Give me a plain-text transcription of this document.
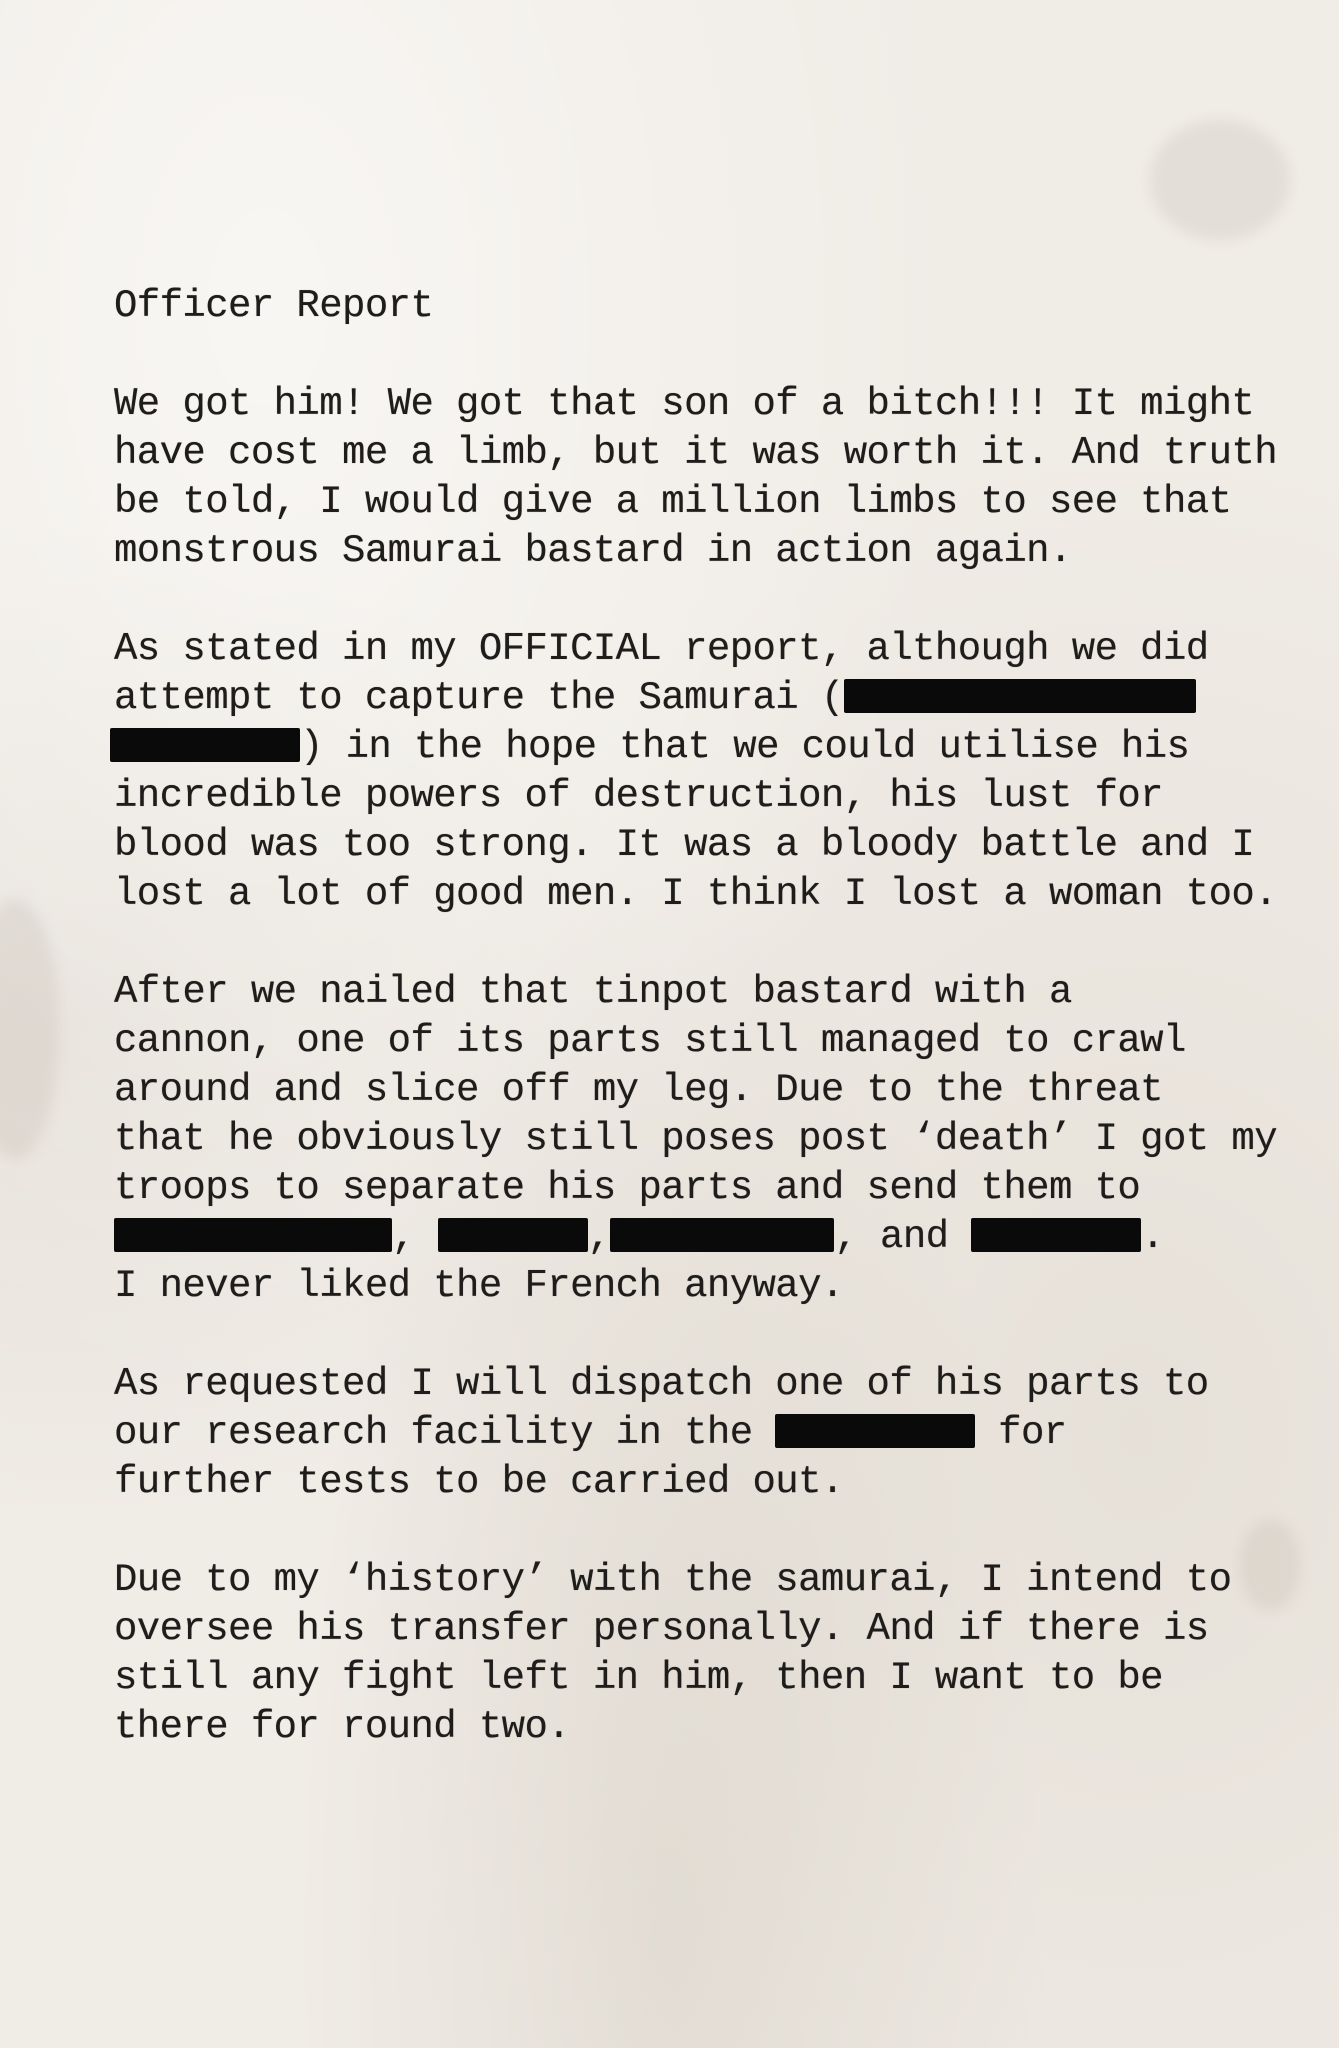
Officer Report
We got him! We got that son of a bitch!!! It might
have cost me a limb, but it was worth it. And truth
be told, I would give a million limbs to see that
monstrous Samurai bastard in action again.
As stated in my OFFICIAL report, although we did
attempt to capture the Samurai (
) in the hope that we could utilise his
incredible powers of destruction, his lust for
blood was too strong. It was a bloody battle and I
lost a lot of good men. I think I lost a woman too.
After we nailed that tinpot bastard with a
cannon, one of its parts still managed to crawl
around and slice off my leg. Due to the threat
that he obviously still poses post ‘death’ I got my
troops to separate his parts and send them to
,	,	, and	.
I never liked the French anyway.
As requested I will dispatch one of his parts to
our research facility in the	for
further tests to be carried out.
Due to my ‘history’ with the samurai, I intend to
oversee his transfer personally. And if there is
still any fight left in him, then I want to be
there for round two.
